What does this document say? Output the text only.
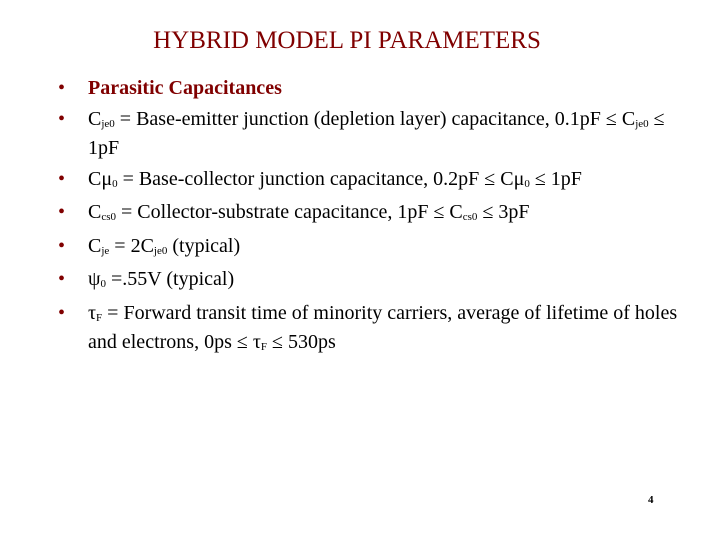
HYBRID MODEL PI PARAMETERS
• Parasitic Capacitances
• Cje0 = Base-emitter junction (depletion layer) capacitance, 0.1pF ≤ Cje0 ≤ 1pF
• Cμ0 = Base-collector junction capacitance, 0.2pF ≤ Cμ0 ≤ 1pF
• Ccs0 = Collector-substrate capacitance, 1pF ≤ Ccs0 ≤ 3pF
• Cje = 2Cje0 (typical)
• ψ0 =.55V (typical)
• τF = Forward transit time of minority carriers, average of lifetime of holes and electrons, 0ps ≤ τF ≤ 530ps
4
